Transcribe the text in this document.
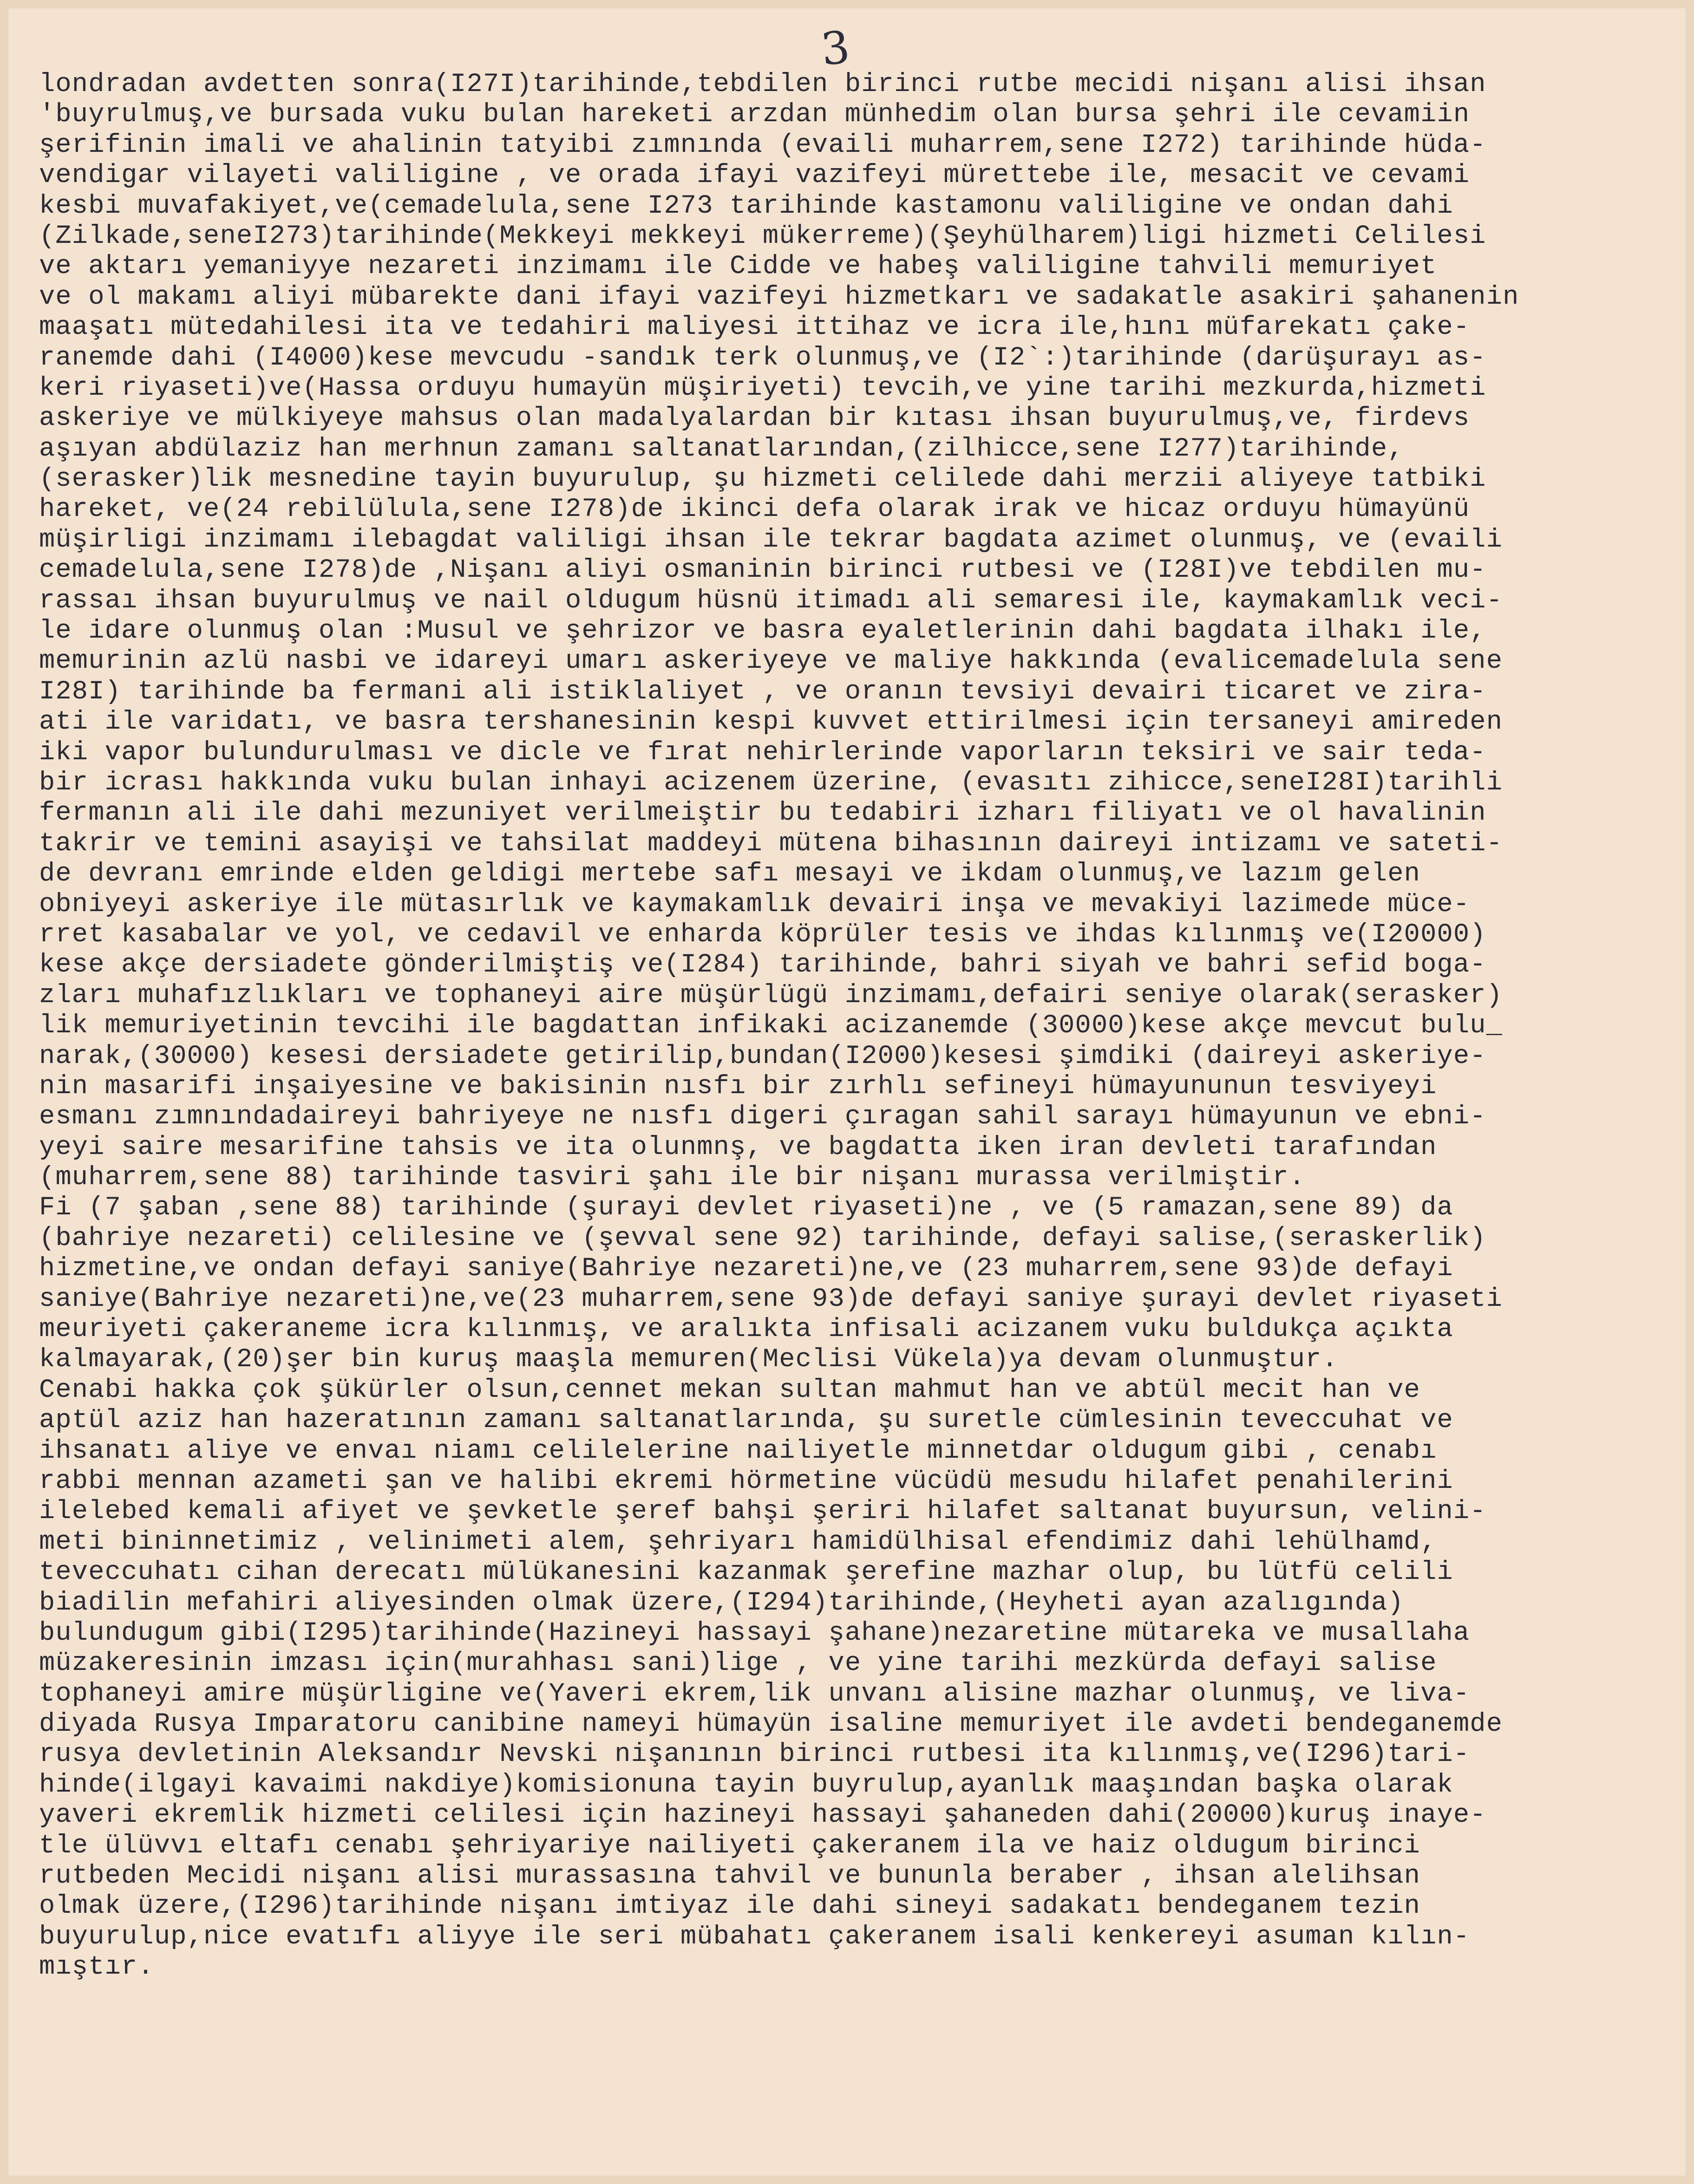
3
londradan avdetten sonra(I27I)tarihinde,tebdilen birinci rutbe mecidi nişanı alisi ihsan
'buyrulmuş,ve bursada vuku bulan hareketi arzdan münhedim olan bursa şehri ile cevamiin
şerifinin imali ve ahalinin tatyibi zımnında (evaili muharrem,sene I272) tarihinde hüda-
vendigar vilayeti valiligine , ve orada ifayi vazifeyi mürettebe ile, mesacit ve cevami
kesbi muvafakiyet,ve(cemadelula,sene I273 tarihinde kastamonu valiligine ve ondan dahi
(Zilkade,seneI273)tarihinde(Mekkeyi mekkeyi mükerreme)(Şeyhülharem)ligi hizmeti Celilesi
ve aktarı yemaniyye nezareti inzimamı ile Cidde ve habeş valiligine tahvili memuriyet
ve ol makamı aliyi mübarekte dani ifayi vazifeyi hizmetkarı ve sadakatle asakiri şahanenin
maaşatı mütedahilesi ita ve tedahiri maliyesi ittihaz ve icra ile,hını müfarekatı çake-
ranemde dahi (I4000)kese mevcudu -sandık terk olunmuş,ve (I2`:)tarihinde (darüşurayı as-
keri riyaseti)ve(Hassa orduyu humayün müşiriyeti) tevcih,ve yine tarihi mezkurda,hizmeti
askeriye ve mülkiyeye mahsus olan madalyalardan bir kıtası ihsan buyurulmuş,ve, firdevs
aşıyan abdülaziz han merhnun zamanı saltanatlarından,(zilhicce,sene I277)tarihinde,
(serasker)lik mesnedine tayin buyurulup, şu hizmeti celilede dahi merzii aliyeye tatbiki
hareket, ve(24 rebilülula,sene I278)de ikinci defa olarak irak ve hicaz orduyu hümayünü
müşirligi inzimamı ilebagdat valiligi ihsan ile tekrar bagdata azimet olunmuş, ve (evaili
cemadelula,sene I278)de ,Nişanı aliyi osmaninin birinci rutbesi ve (I28I)ve tebdilen mu-
rassaı ihsan buyurulmuş ve nail oldugum hüsnü itimadı ali semaresi ile, kaymakamlık veci-
le idare olunmuş olan :Musul ve şehrizor ve basra eyaletlerinin dahi bagdata ilhakı ile,
memurinin azlü nasbi ve idareyi umarı askeriyeye ve maliye hakkında (evalicemadelula sene
I28I) tarihinde ba fermani ali istiklaliyet , ve oranın tevsiyi devairi ticaret ve zira-
ati ile varidatı, ve basra tershanesinin kespi kuvvet ettirilmesi için tersaneyi amireden
iki vapor bulundurulması ve dicle ve fırat nehirlerinde vaporların teksiri ve sair teda-
bir icrası hakkında vuku bulan inhayi acizenem üzerine, (evasıtı zihicce,seneI28I)tarihli
fermanın ali ile dahi mezuniyet verilmeiştir bu tedabiri izharı filiyatı ve ol havalinin
takrir ve temini asayişi ve tahsilat maddeyi mütena bihasının daireyi intizamı ve sateti-
de devranı emrinde elden geldigi mertebe safı mesayi ve ikdam olunmuş,ve lazım gelen
obniyeyi askeriye ile mütasırlık ve kaymakamlık devairi inşa ve mevakiyi lazimede müce-
rret kasabalar ve yol, ve cedavil ve enharda köprüler tesis ve ihdas kılınmış ve(I20000)
kese akçe dersiadete gönderilmiştiş ve(I284) tarihinde, bahri siyah ve bahri sefid boga-
zları muhafızlıkları ve tophaneyi aire müşürlügü inzimamı,defairi seniye olarak(serasker)
lik memuriyetinin tevcihi ile bagdattan infikaki acizanemde (30000)kese akçe mevcut bulu_
narak,(30000) kesesi dersiadete getirilip,bundan(I2000)kesesi şimdiki (daireyi askeriye-
nin masarifi inşaiyesine ve bakisinin nısfı bir zırhlı sefineyi hümayununun tesviyeyi
esmanı zımnındadaireyi bahriyeye ne nısfı digeri çıragan sahil sarayı hümayunun ve ebni-
yeyi saire mesarifine tahsis ve ita olunmnş, ve bagdatta iken iran devleti tarafından
(muharrem,sene 88) tarihinde tasviri şahı ile bir nişanı murassa verilmiştir.
Fi (7 şaban ,sene 88) tarihinde (şurayi devlet riyaseti)ne , ve (5 ramazan,sene 89) da
(bahriye nezareti) celilesine ve (şevval sene 92) tarihinde, defayi salise,(seraskerlik)
hizmetine,ve ondan defayi saniye(Bahriye nezareti)ne,ve (23 muharrem,sene 93)de defayi
saniye(Bahriye nezareti)ne,ve(23 muharrem,sene 93)de defayi saniye şurayi devlet riyaseti
meuriyeti çakeraneme icra kılınmış, ve aralıkta infisali acizanem vuku buldukça açıkta
kalmayarak,(20)şer bin kuruş maaşla memuren(Meclisi Vükela)ya devam olunmuştur.
Cenabi hakka çok şükürler olsun,cennet mekan sultan mahmut han ve abtül mecit han ve
aptül aziz han hazeratının zamanı saltanatlarında, şu suretle cümlesinin teveccuhat ve
ihsanatı aliye ve envaı niamı celilelerine nailiyetle minnetdar oldugum gibi , cenabı
rabbi mennan azameti şan ve halibi ekremi hörmetine vücüdü mesudu hilafet penahilerini
ilelebed kemali afiyet ve şevketle şeref bahşi şeriri hilafet saltanat buyursun, velini-
meti bininnetimiz , velinimeti alem, şehriyarı hamidülhisal efendimiz dahi lehülhamd,
teveccuhatı cihan derecatı mülükanesini kazanmak şerefine mazhar olup, bu lütfü celili
biadilin mefahiri aliyesinden olmak üzere,(I294)tarihinde,(Heyheti ayan azalıgında)
bulundugum gibi(I295)tarihinde(Hazineyi hassayi şahane)nezaretine mütareka ve musallaha
müzakeresinin imzası için(murahhası sani)lige , ve yine tarihi mezkürda defayi salise
tophaneyi amire müşürligine ve(Yaveri ekrem,lik unvanı alisine mazhar olunmuş, ve liva-
diyada Rusya Imparatoru canibine nameyi hümayün isaline memuriyet ile avdeti bendeganemde
rusya devletinin Aleksandır Nevski nişanının birinci rutbesi ita kılınmış,ve(I296)tari-
hinde(ilgayi kavaimi nakdiye)komisionuna tayin buyrulup,ayanlık maaşından başka olarak
yaveri ekremlik hizmeti celilesi için hazineyi hassayi şahaneden dahi(20000)kuruş inaye-
tle ülüvvı eltafı cenabı şehriyariye nailiyeti çakeranem ila ve haiz oldugum birinci
rutbeden Mecidi nişanı alisi murassasına tahvil ve bununla beraber , ihsan alelihsan
olmak üzere,(I296)tarihinde nişanı imtiyaz ile dahi sineyi sadakatı bendeganem tezin
buyurulup,nice evatıfı aliyye ile seri mübahatı çakeranem isali kenkereyi asuman kılın-
mıştır.
